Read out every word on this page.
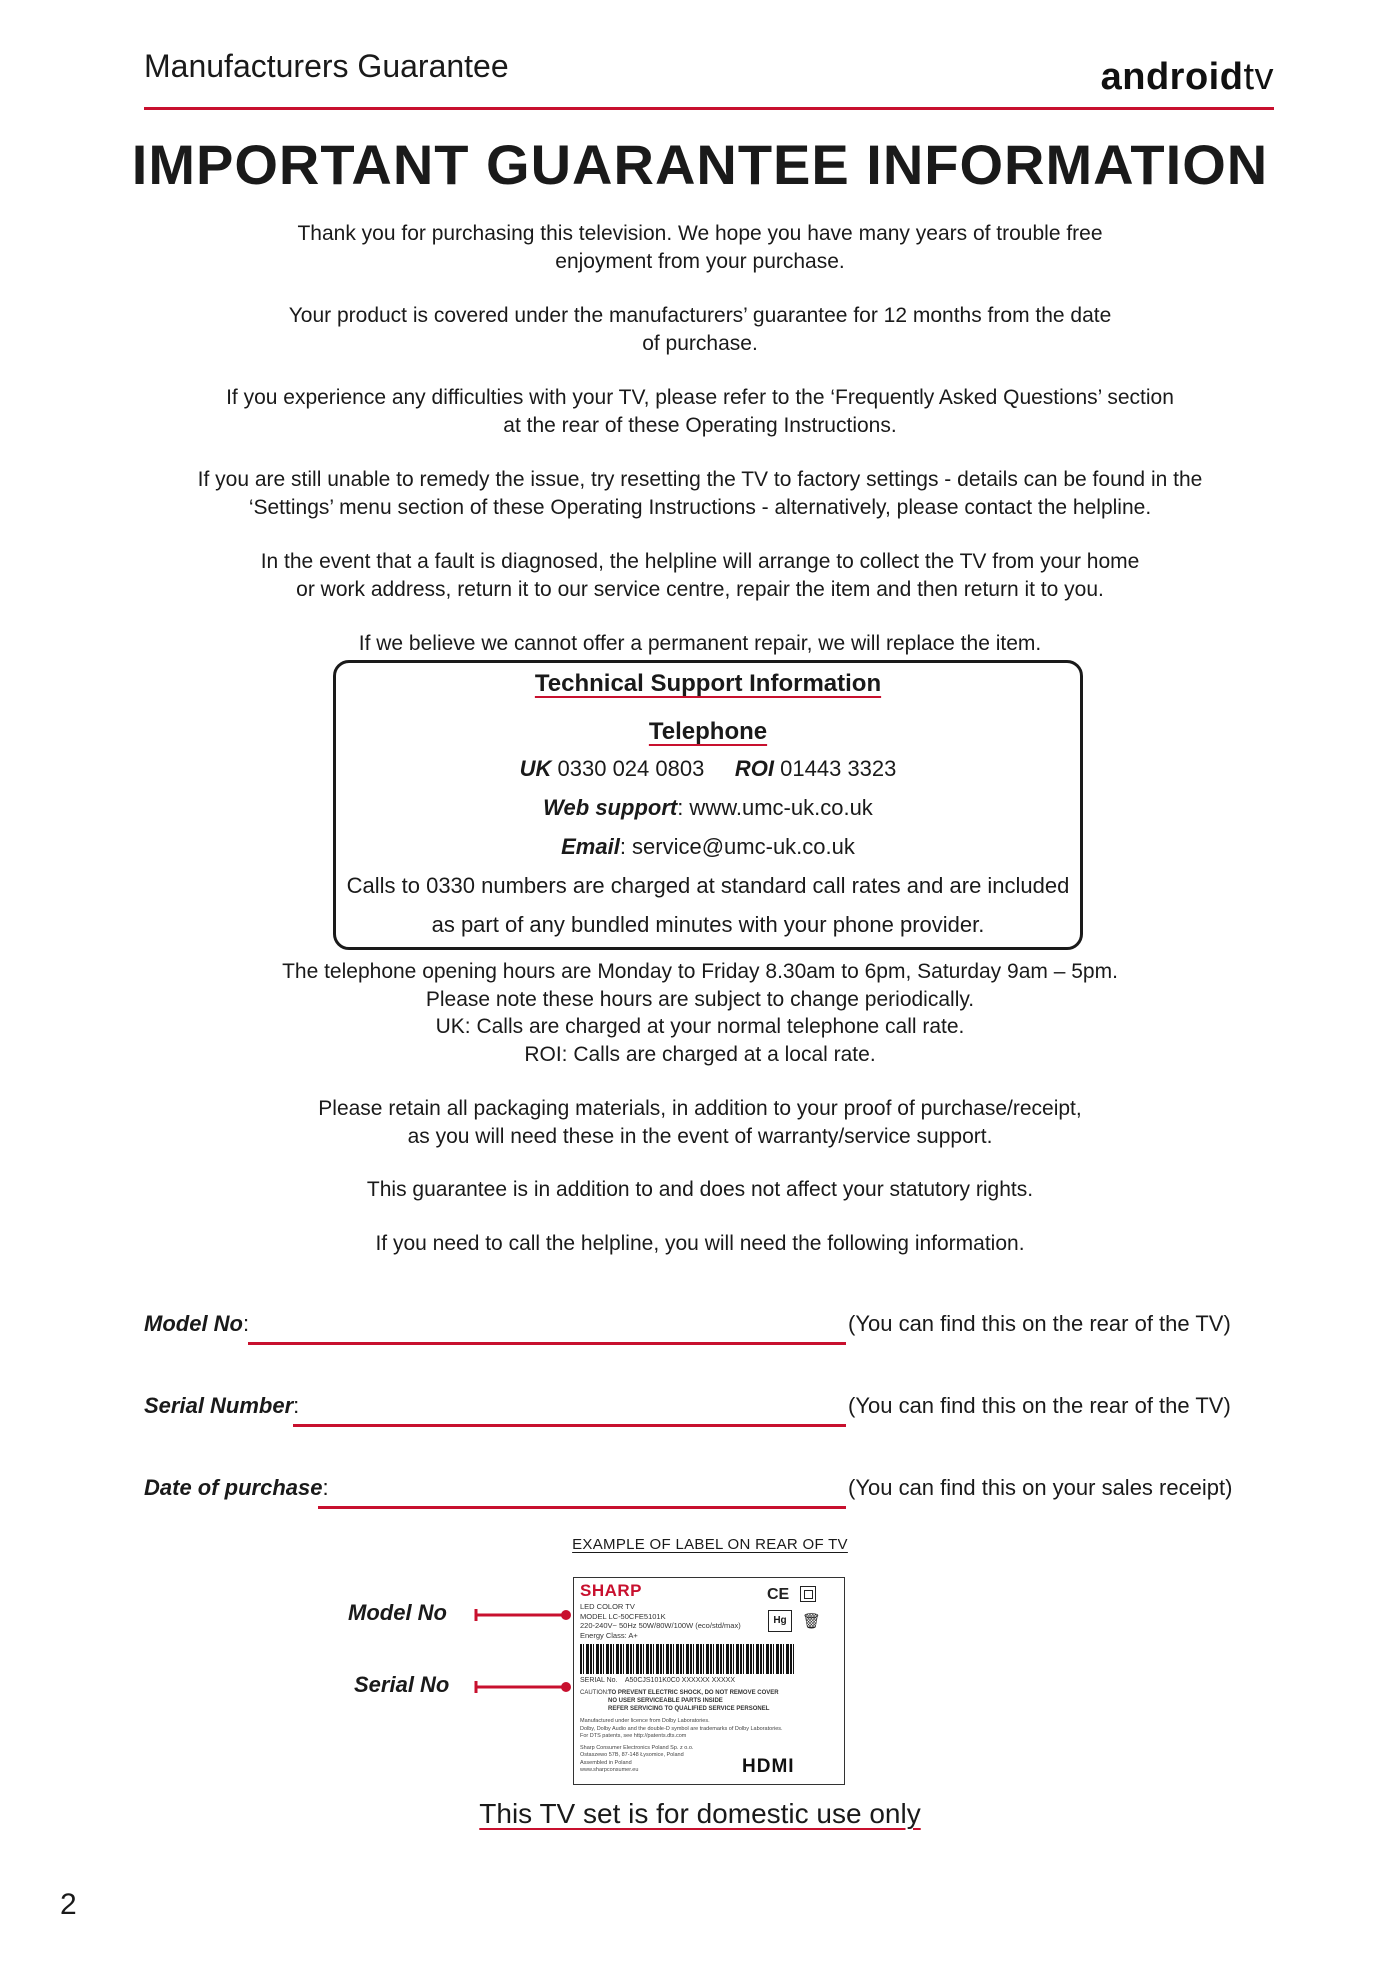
Manufacturers Guarantee	androidtv
IMPORTANT GUARANTEE INFORMATION
Thank you for purchasing this television. We hope you have many years of trouble free
enjoyment from your purchase.
Your product is covered under the manufacturers’ guarantee for 12 months from the date
of purchase.
If you experience any difficulties with your TV, please refer to the ‘Frequently Asked Questions’ section
at the rear of these Operating Instructions.
If you are still unable to remedy the issue, try resetting the TV to factory settings - details can be found in the
‘Settings’ menu section of these Operating Instructions - alternatively, please contact the helpline.
In the event that a fault is diagnosed, the helpline will arrange to collect the TV from your home
or work address, return it to our service centre, repair the item and then return it to you.
If we believe we cannot offer a permanent repair, we will replace the item.
Technical Support Information
Telephone
UK 0330 024 0803 ROI 01443 3323
Web support: www.umc-uk.co.uk
Email: service@umc-uk.co.uk
Calls to 0330 numbers are charged at standard call rates and are included
as part of any bundled minutes with your phone provider.
The telephone opening hours are Monday to Friday 8.30am to 6pm, Saturday 9am – 5pm.
Please note these hours are subject to change periodically.
UK: Calls are charged at your normal telephone call rate.
ROI: Calls are charged at a local rate.
Please retain all packaging materials, in addition to your proof of purchase/receipt,
as you will need these in the event of warranty/service support.
This guarantee is in addition to and does not affect your statutory rights.
If you need to call the helpline, you will need the following information.
Model No:	(You can find this on the rear of the TV)
Serial Number:	(You can find this on the rear of the TV)
Date of purchase:	(You can find this on your sales receipt)
EXAMPLE OF LABEL ON REAR OF TV
Model No
Serial No
SHARP
LED COLOR TV
MODEL LC-50CFE5101K
220-240V~ 50Hz 50W/80W/100W (eco/std/max)
Energy Class: A+
CE
Hg	🗑
SERIAL No.    A50CJS101K0C0 XXXXXX XXXXX
CAUTION: TO PREVENT ELECTRIC SHOCK, DO NOT REMOVE COVER
NO USER SERVICEABLE PARTS INSIDE
REFER SERVICING TO QUALIFIED SERVICE PERSONEL
Manufactured under licence from Dolby Laboratories.
Dolby, Dolby Audio and the double-D symbol are trademarks of Dolby Laboratories.
For DTS patents, see http://patents.dts.com
Sharp Consumer Electronics Poland Sp. z o.o.
Ostaszewo 57B, 87-148 Łysomice, Poland
Assembled in Poland
www.sharpconsumer.eu	HDMI
This TV set is for domestic use only
2
